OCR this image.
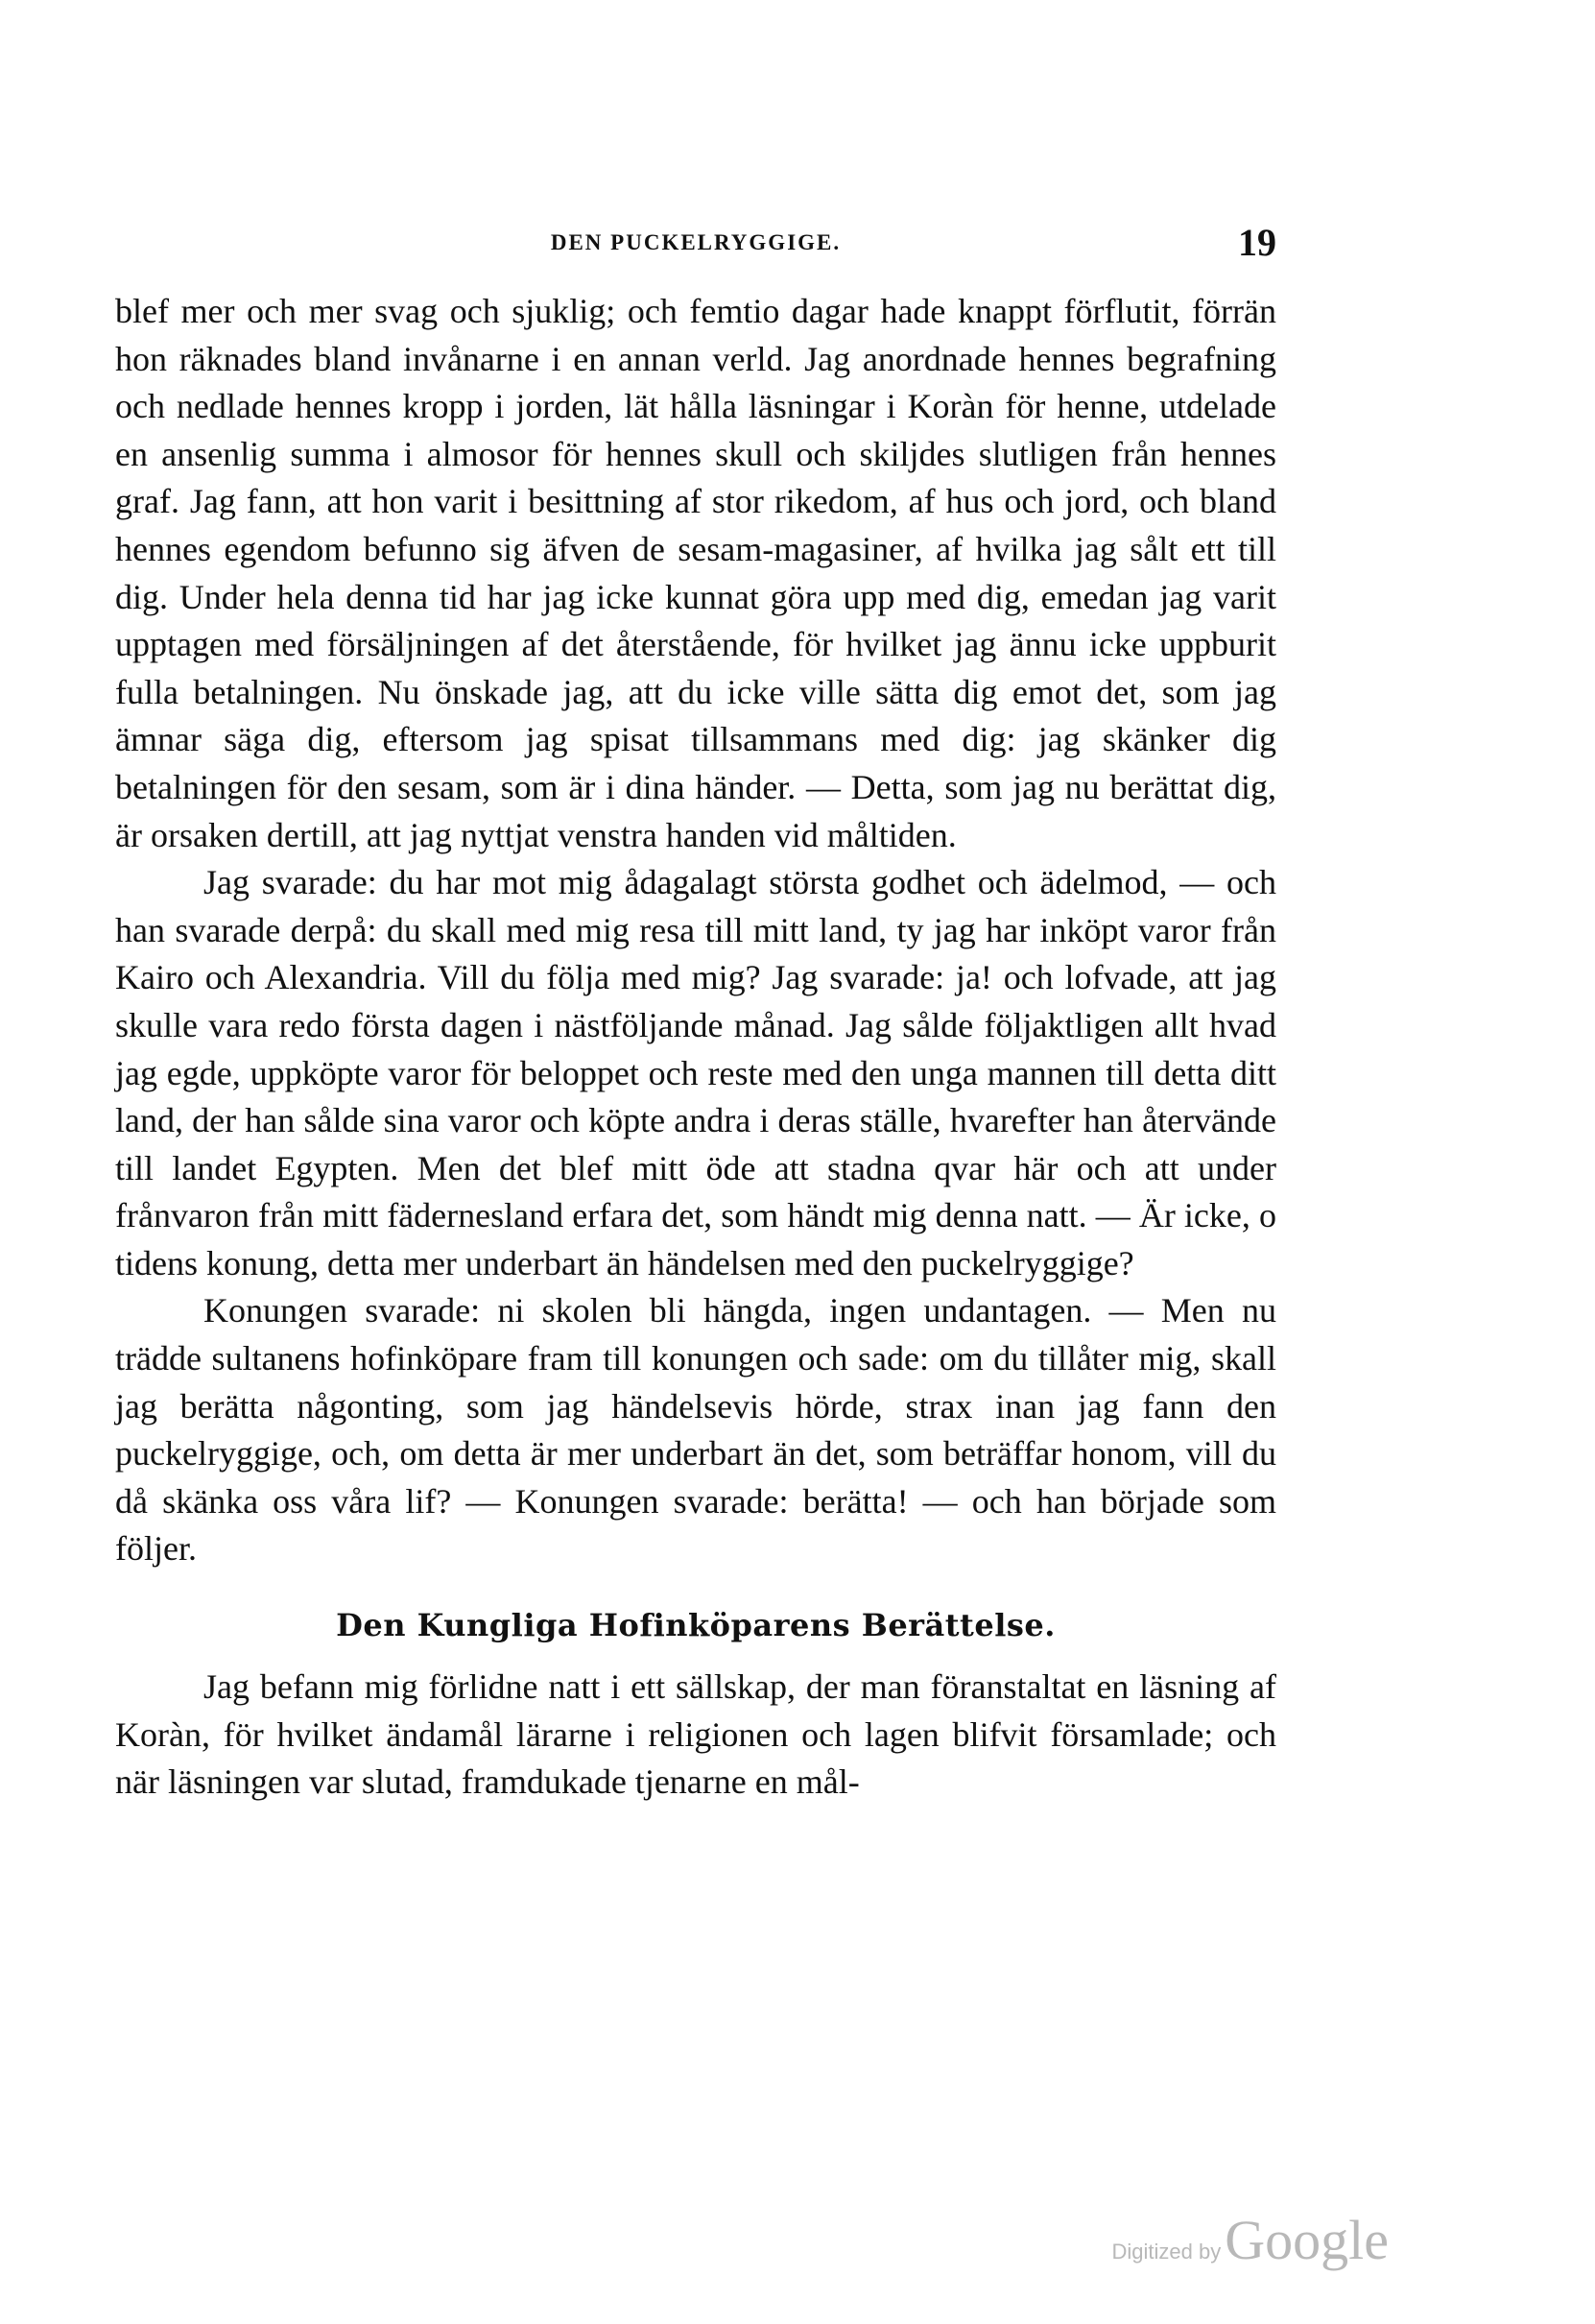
DEN PUCKELRYGGIGE.	19

blef mer och mer svag och sjuklig; och femtio dagar hade knappt förflutit, förrän hon räknades bland invånarne i en annan verld. Jag anordnade hennes begrafning och nedlade hennes kropp i jorden, lät hålla läsningar i Koràn för henne, utdelade en ansenlig summa i almosor för hennes skull och skiljdes slutligen från hennes graf. Jag fann, att hon varit i besittning af stor rikedom, af hus och jord, och bland hennes egendom befunno sig äfven de sesam-magasiner, af hvilka jag sålt ett till dig. Under hela denna tid har jag icke kunnat göra upp med dig, emedan jag varit upptagen med försäljningen af det återstående, för hvilket jag ännu icke uppburit fulla betalningen. Nu önskade jag, att du icke ville sätta dig emot det, som jag ämnar säga dig, eftersom jag spisat tillsammans med dig: jag skänker dig betalningen för den sesam, som är i dina händer. — Detta, som jag nu berättat dig, är orsaken dertill, att jag nyttjat venstra handen vid måltiden.

Jag svarade: du har mot mig ådagalagt största godhet och ädelmod, — och han svarade derpå: du skall med mig resa till mitt land, ty jag har inköpt varor från Kairo och Alexandria. Vill du följa med mig? Jag svarade: ja! och lofvade, att jag skulle vara redo första dagen i nästföljande månad. Jag sålde följaktligen allt hvad jag egde, uppköpte varor för beloppet och reste med den unga mannen till detta ditt land, der han sålde sina varor och köpte andra i deras ställe, hvarefter han återvände till landet Egypten. Men det blef mitt öde att stadna qvar här och att under frånvaron från mitt fädernesland erfara det, som händt mig denna natt. — Är icke, o tidens konung, detta mer underbart än händelsen med den puckelryggige?

Konungen svarade: ni skolen bli hängda, ingen undantagen. — Men nu trädde sultanens hofinköpare fram till konungen och sade: om du tillåter mig, skall jag berätta någonting, som jag händelsevis hörde, strax inan jag fann den puckelryggige, och, om detta är mer underbart än det, som beträffar honom, vill du då skänka oss våra lif? — Konungen svarade: berätta! — och han började som följer.

Den Kungliga Hofinköparens Berättelse.

Jag befann mig förlidne natt i ett sällskap, der man föranstaltat en läsning af Koràn, för hvilket ändamål lärarne i religionen och lagen blifvit församlade; och när läsningen var slutad, framdukade tjenarne en mål-

Digitized by Google
